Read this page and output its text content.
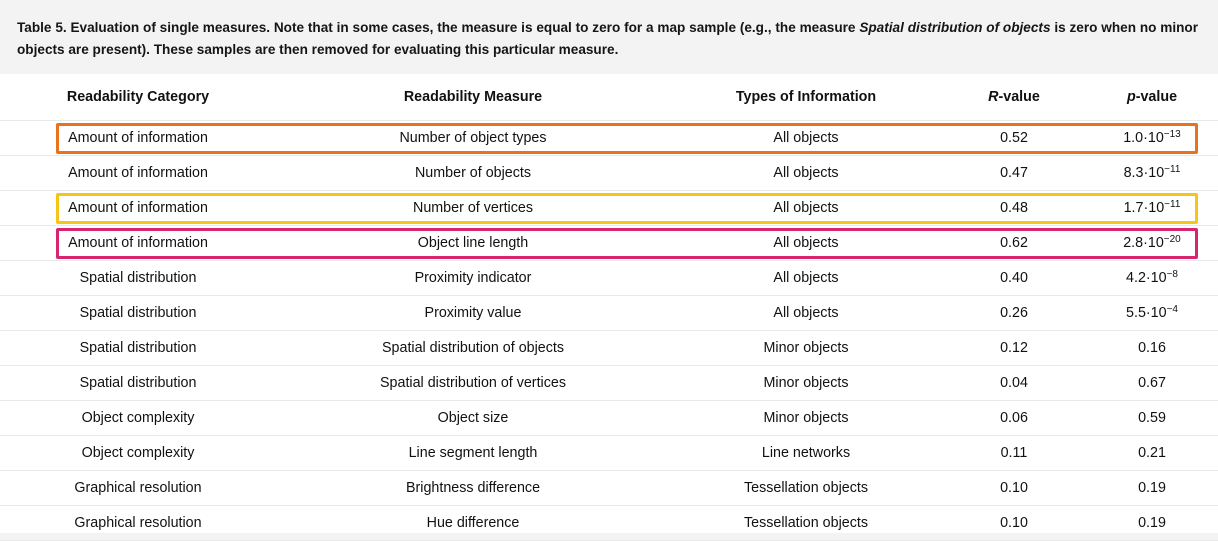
Table 5. Evaluation of single measures. Note that in some cases, the measure is equal to zero for a map sample (e.g., the measure Spatial distribution of objects is zero when no minor objects are present). These samples are then removed for evaluating this particular measure.
Readability Category	Readability Measure	Types of Information	R-value	p-value
Amount of information	Number of object types	All objects	0.52	$1.0\cdot 10^{-13}$
Amount of information	Number of objects	All objects	0.47	$8.3\cdot 10^{-11}$
Amount of information	Number of vertices	All objects	0.48	$1.7\cdot 10^{-11}$
Amount of information	Object line length	All objects	0.62	$2.8\cdot 10^{-20}$
Spatial distribution	Proximity indicator	All objects	0.40	$4.2\cdot 10^{-8}$
Spatial distribution	Proximity value	All objects	0.26	$5.5\cdot 10^{-4}$
Spatial distribution	Spatial distribution of objects	Minor objects	0.12	0.16
Spatial distribution	Spatial distribution of vertices	Minor objects	0.04	0.67
Object complexity	Object size	Minor objects	0.06	0.59
Object complexity	Line segment length	Line networks	0.11	0.21
Graphical resolution	Brightness difference	Tessellation objects	0.10	0.19
Graphical resolution	Hue difference	Tessellation objects	0.10	0.19
